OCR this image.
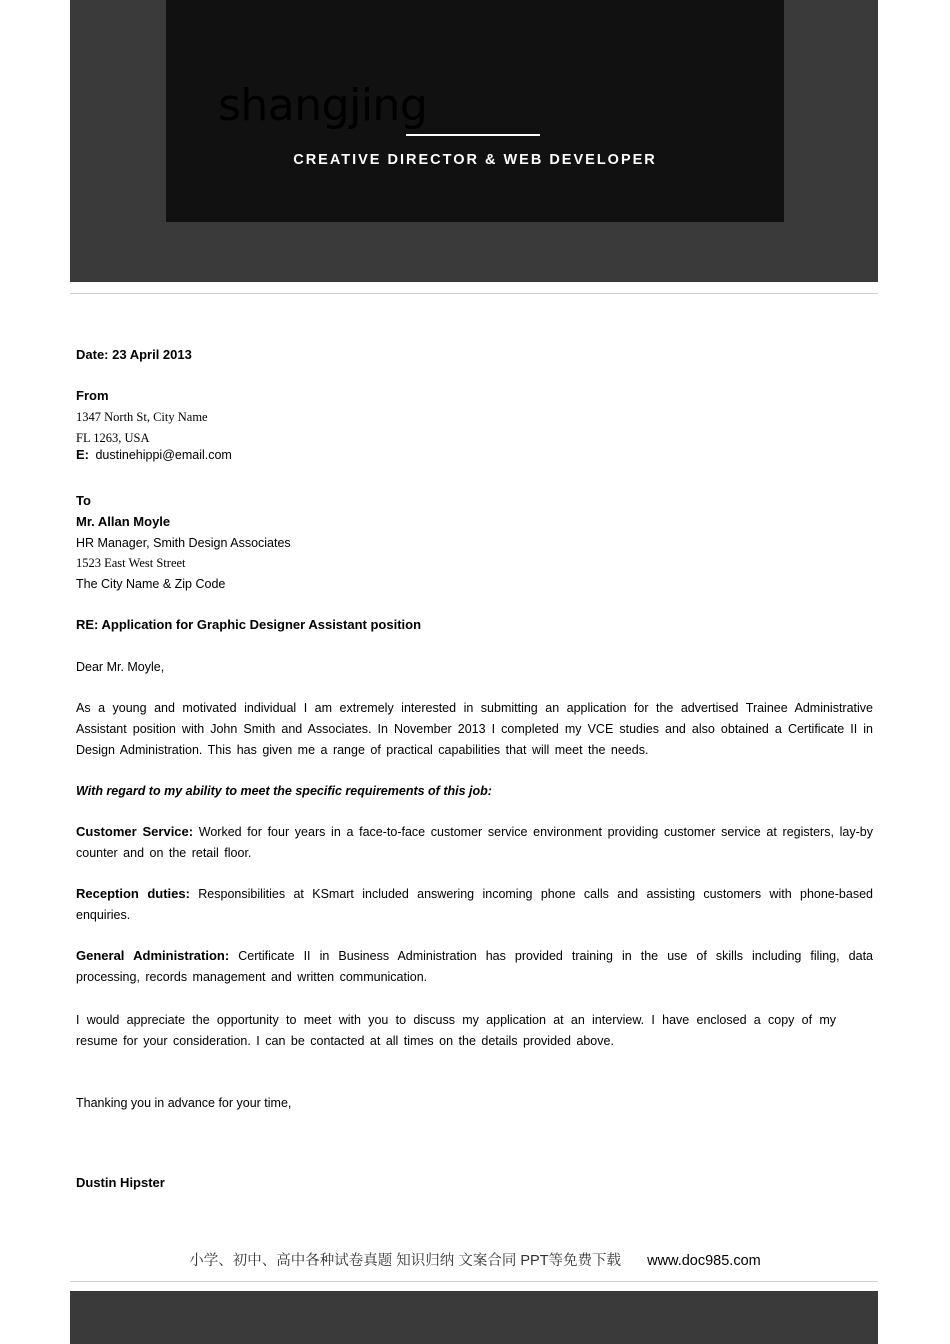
shangjing
CREATIVE DIRECTOR & WEB DEVELOPER
Date: 23 April 2013
From
1347 North St, City Name
FL 1263, USA
E: dustinehippi@email.com
To
Mr. Allan Moyle
HR Manager, Smith Design Associates
1523 East West Street
The City Name & Zip Code
RE: Application for Graphic Designer Assistant position
Dear Mr. Moyle,
As a young and motivated individual I am extremely interested in submitting an application for the advertised Trainee Administrative Assistant position with John Smith and Associates. In November 2013 I completed my VCE studies and also obtained a Certificate II in Design Administration. This has given me a range of practical capabilities that will meet the needs.
With regard to my ability to meet the specific requirements of this job:
Customer Service: Worked for four years in a face-to-face customer service environment providing customer service at registers, lay-by counter and on the retail floor.
Reception duties: Responsibilities at KSmart included answering incoming phone calls and assisting customers with phone-based enquiries.
General Administration: Certificate II in Business Administration has provided training in the use of skills including filing, data processing, records management and written communication.
I would appreciate the opportunity to meet with you to discuss my application at an interview. I have enclosed a copy of my resume for your consideration. I can be contacted at all times on the details provided above.
Thanking you in advance for your time,
Dustin Hipster
小学、初中、高中各种试卷真题 知识归纳 文案合同 PPT等免费下载 www.doc985.com
